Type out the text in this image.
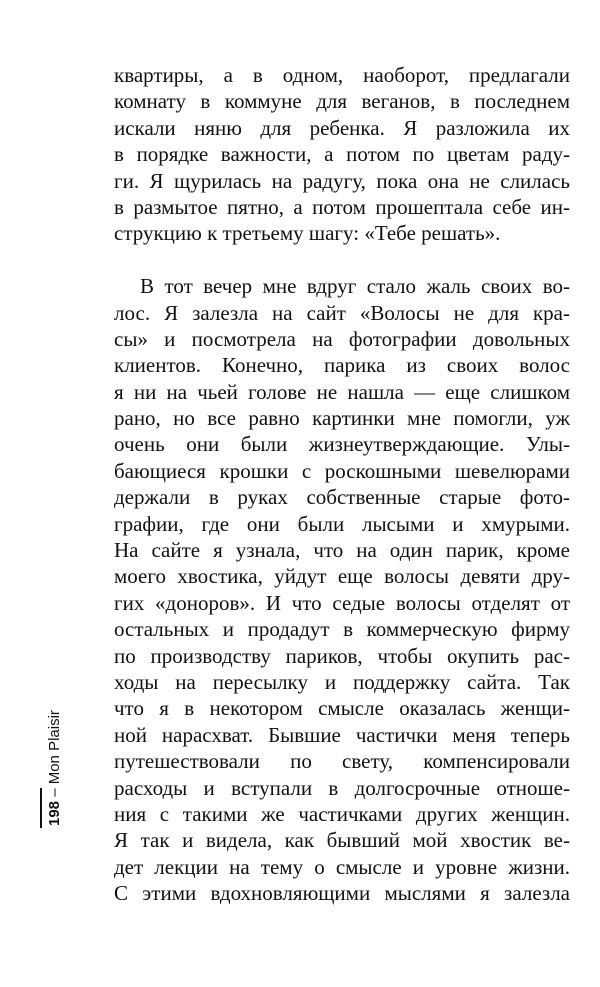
квартиры, а в одном, наоборот, предлагали
комнату в коммуне для веганов, в последнем
искали няню для ребенка. Я разложила их
в порядке важности, а потом по цветам раду-
ги. Я щурилась на радугу, пока она не слилась
в размытое пятно, а потом прошептала себе ин-
струкцию к третьему шагу: «Тебе решать».
В тот вечер мне вдруг стало жаль своих во-
лос. Я залезла на сайт «Волосы не для кра-
сы» и посмотрела на фотографии довольных
клиентов. Конечно, парика из своих волос
я ни на чьей голове не нашла — еще слишком
рано, но все равно картинки мне помогли, уж
очень они были жизнеутверждающие. Улы-
бающиеся крошки с роскошными шевелюрами
держали в руках собственные старые фото-
графии, где они были лысыми и хмурыми.
На сайте я узнала, что на один парик, кроме
моего хвостика, уйдут еще волосы девяти дру-
гих «доноров». И что седые волосы отделят от
остальных и продадут в коммерческую фирму
по производству париков, чтобы окупить рас-
ходы на пересылку и поддержку сайта. Так
что я в некотором смысле оказалась женщи-
ной нарасхват. Бывшие частички меня теперь
путешествовали по свету, компенсировали
расходы и вступали в долгосрочные отноше-
ния с такими же частичками других женщин.
Я так и видела, как бывший мой хвостик ве-
дет лекции на тему о смысле и уровне жизни.
С этими вдохновляющими мыслями я залезла
198 – Mon Plaisir
